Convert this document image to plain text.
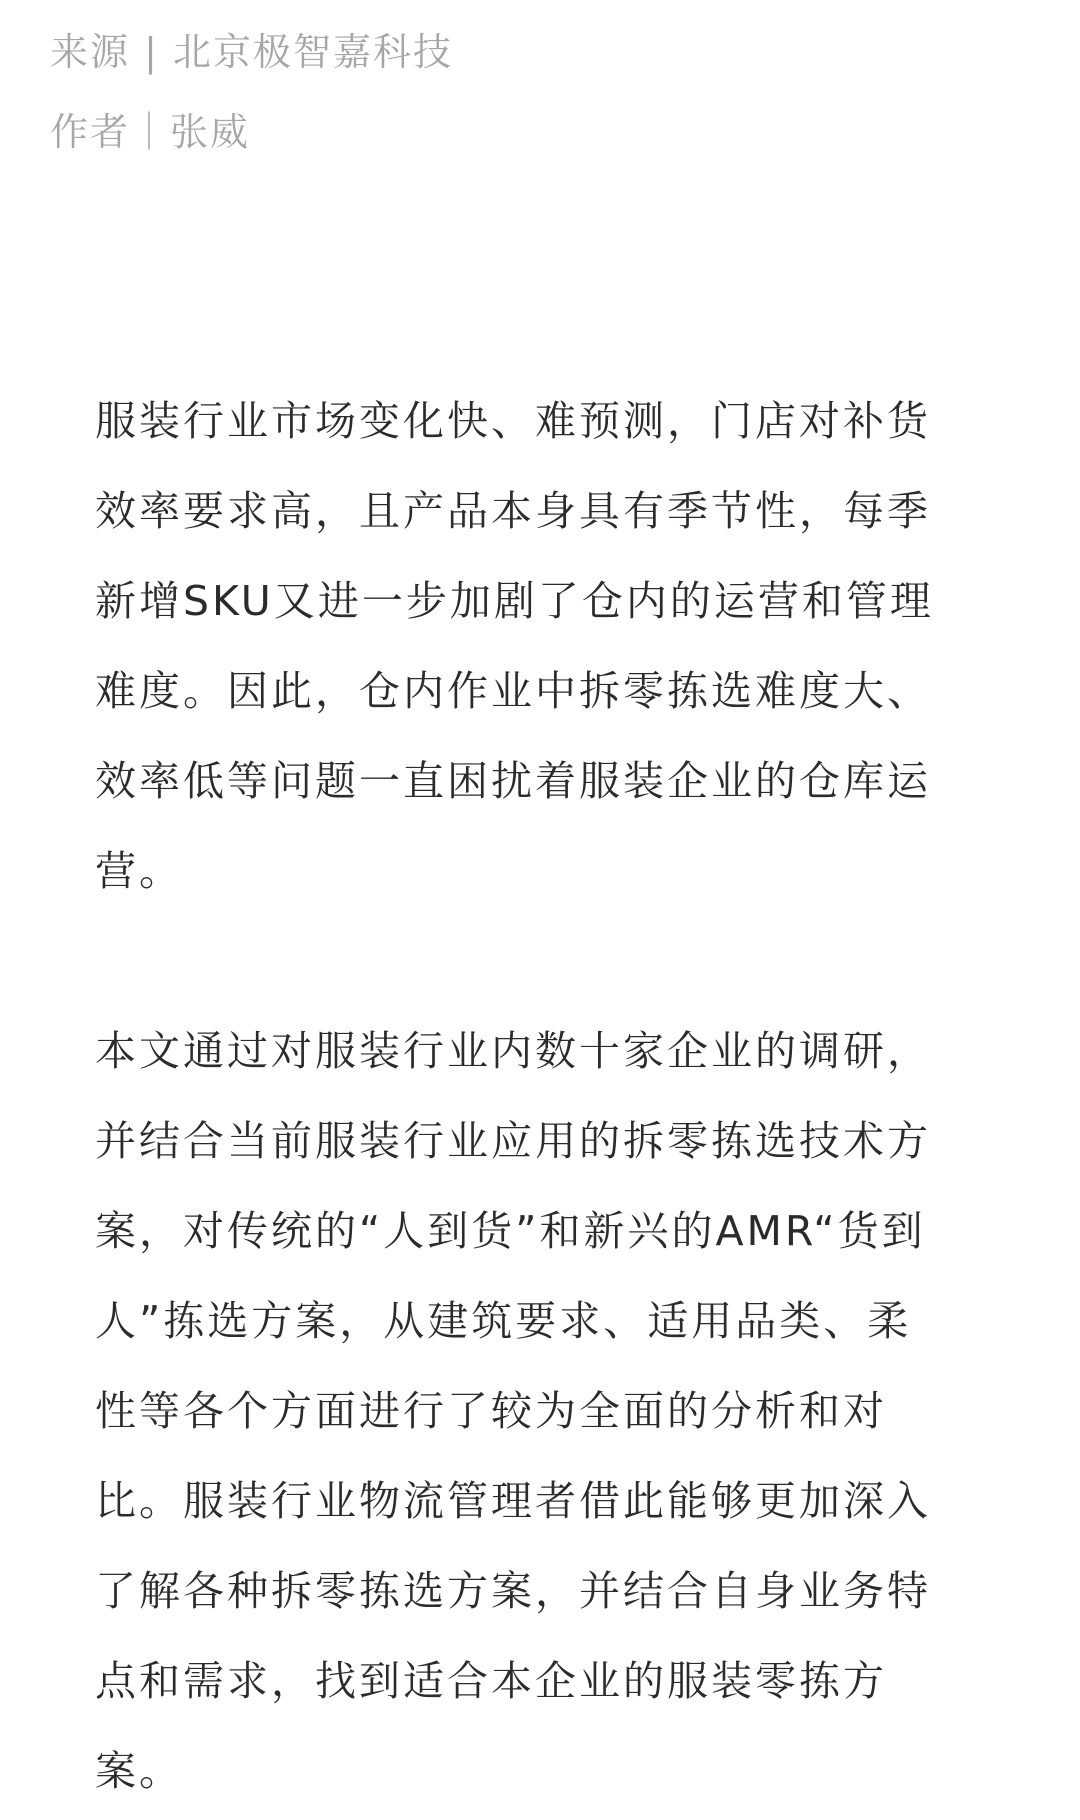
来源 | 北京极智嘉科技
作者｜张威
服装行业市场变化快、难预测，门店对补货
效率要求高，且产品本身具有季节性，每季
新增SKU又进一步加剧了仓内的运营和管理
难度。因此，仓内作业中拆零拣选难度大、
效率低等问题一直困扰着服装企业的仓库运
营。
本文通过对服装行业内数十家企业的调研，
并结合当前服装行业应用的拆零拣选技术方
案，对传统的“人到货”和新兴的AMR“货到
人”拣选方案，从建筑要求、适用品类、柔
性等各个方面进行了较为全面的分析和对
比。服装行业物流管理者借此能够更加深入
了解各种拆零拣选方案，并结合自身业务特
点和需求，找到适合本企业的服装零拣方
案。
